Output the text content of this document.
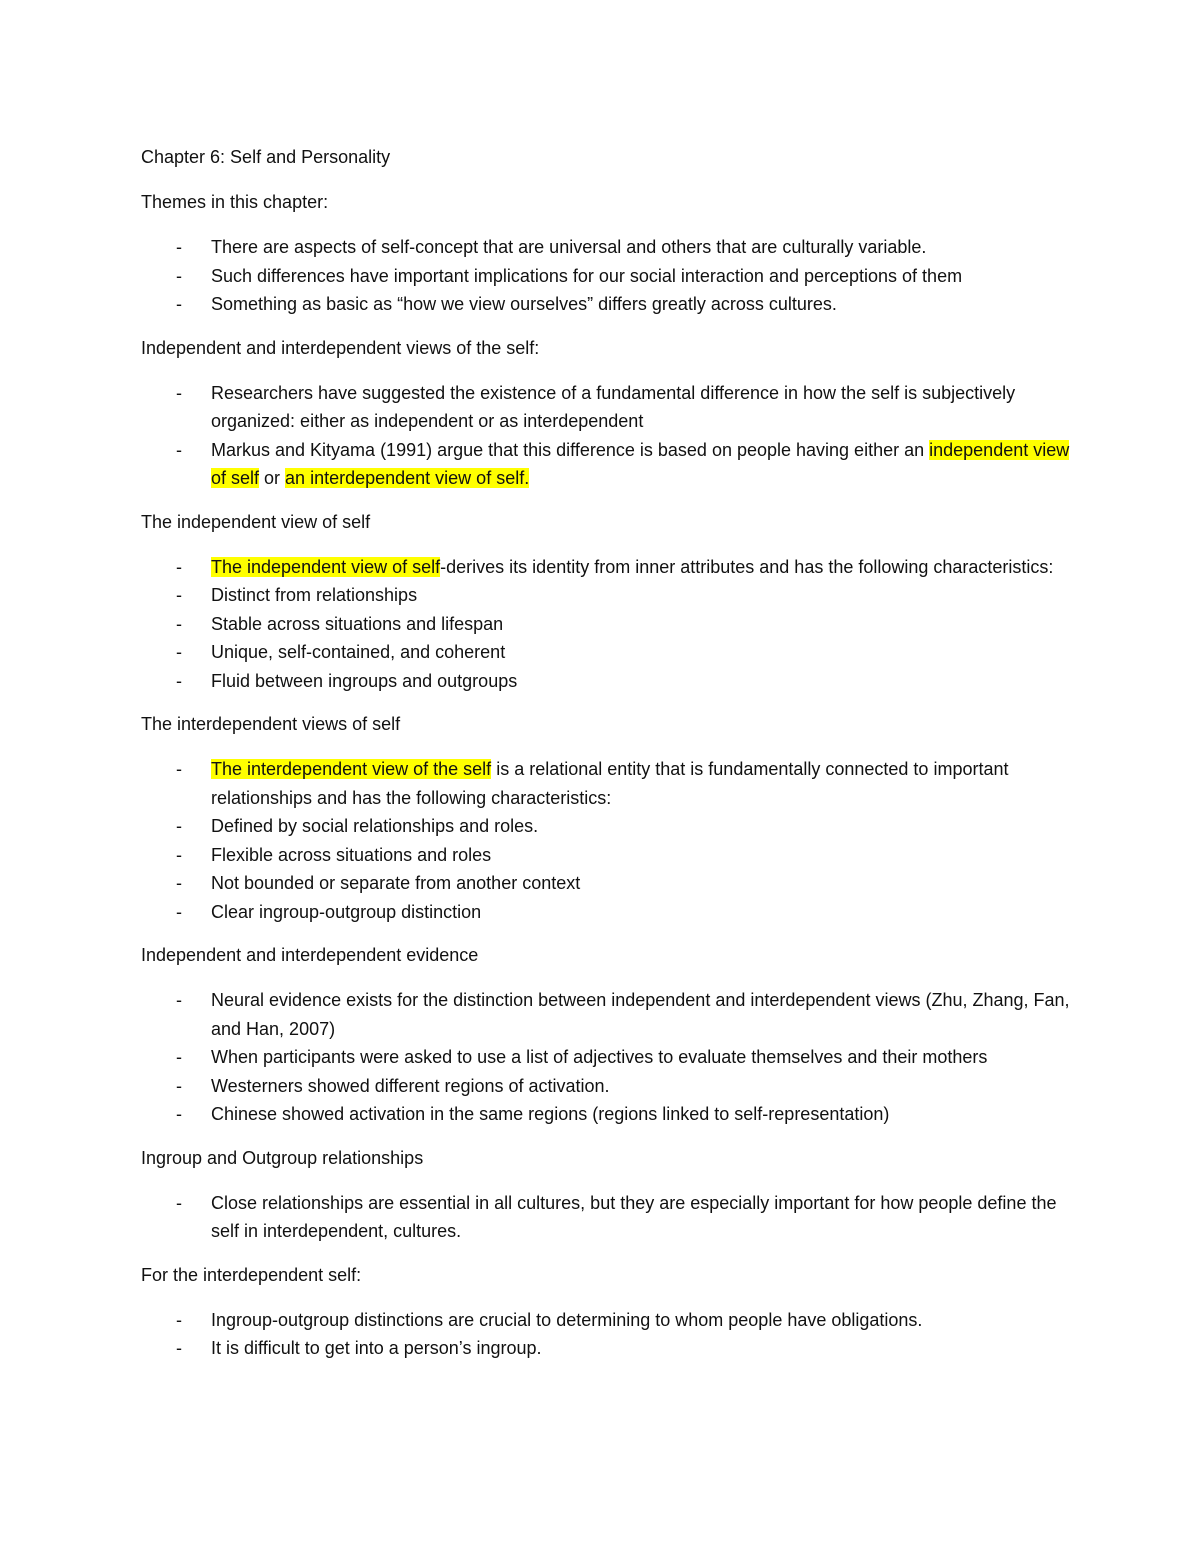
Chapter 6: Self and Personality

Themes in this chapter:

- There are aspects of self-concept that are universal and others that are culturally variable.
- Such differences have important implications for our social interaction and perceptions of them
- Something as basic as “how we view ourselves” differs greatly across cultures.

Independent and interdependent views of the self:

- Researchers have suggested the existence of a fundamental difference in how the self is subjectively organized: either as independent or as interdependent
- Markus and Kityama (1991) argue that this difference is based on people having either an independent view of self or an interdependent view of self.

The independent view of self

- The independent view of self-derives its identity from inner attributes and has the following characteristics:
- Distinct from relationships
- Stable across situations and lifespan
- Unique, self-contained, and coherent
- Fluid between ingroups and outgroups

The interdependent views of self

- The interdependent view of the self is a relational entity that is fundamentally connected to important relationships and has the following characteristics:
- Defined by social relationships and roles.
- Flexible across situations and roles
- Not bounded or separate from another context
- Clear ingroup-outgroup distinction

Independent and interdependent evidence

- Neural evidence exists for the distinction between independent and interdependent views (Zhu, Zhang, Fan, and Han, 2007)
- When participants were asked to use a list of adjectives to evaluate themselves and their mothers
- Westerners showed different regions of activation.
- Chinese showed activation in the same regions (regions linked to self-representation)

Ingroup and Outgroup relationships

- Close relationships are essential in all cultures, but they are especially important for how people define the self in interdependent, cultures.

For the interdependent self:

- Ingroup-outgroup distinctions are crucial to determining to whom people have obligations.
- It is difficult to get into a person’s ingroup.
